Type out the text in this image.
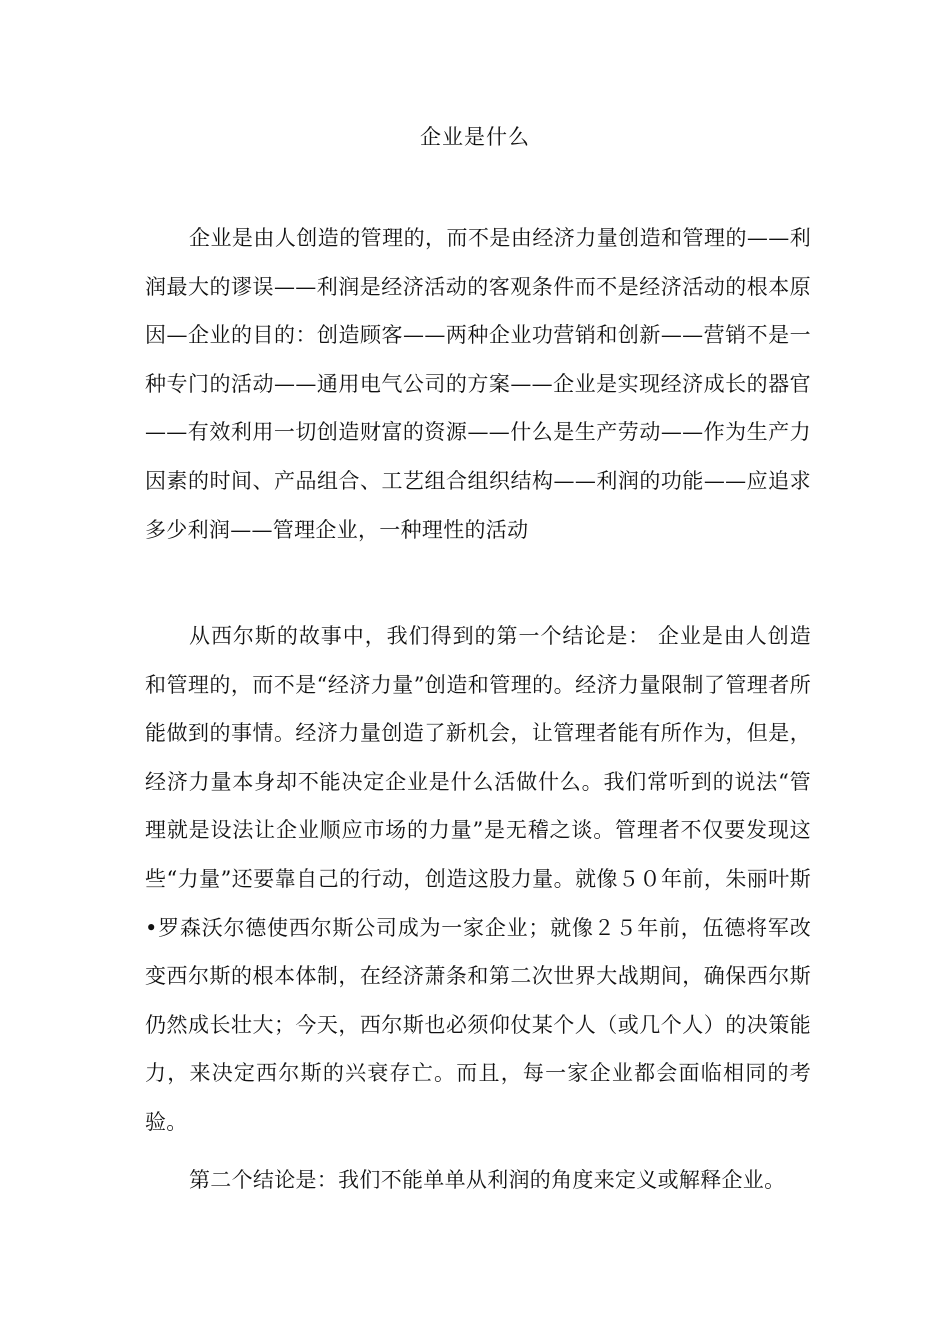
企业是什么

企业是由人创造的管理的，而不是由经济力量创造和管理的——利润最大的谬误——利润是经济活动的客观条件而不是经济活动的根本原因—企业的目的：创造顾客——两种企业功营销和创新——营销不是一种专门的活动——通用电气公司的方案——企业是实现经济成长的器官——有效利用一切创造财富的资源——什么是生产劳动——作为生产力因素的时间、产品组合、工艺组合组织结构——利润的功能——应追求多少利润——管理企业，一种理性的活动

从西尔斯的故事中，我们得到的第一个结论是： 企业是由人创造和管理的，而不是“经济力量”创造和管理的。经济力量限制了管理者所能做到的事情。经济力量创造了新机会，让管理者能有所作为，但是，经济力量本身却不能决定企业是什么活做什么。我们常听到的说法“管理就是设法让企业顺应市场的力量”是无稽之谈。管理者不仅要发现这些“力量”还要靠自己的行动，创造这股力量。就像５０年前，朱丽叶斯•罗森沃尔德使西尔斯公司成为一家企业；就像２５年前，伍德将军改变西尔斯的根本体制，在经济萧条和第二次世界大战期间，确保西尔斯仍然成长壮大；今天，西尔斯也必须仰仗某个人（或几个人）的决策能力，来决定西尔斯的兴衰存亡。而且，每一家企业都会面临相同的考验。

第二个结论是：我们不能单单从利润的角度来定义或解释企业。
